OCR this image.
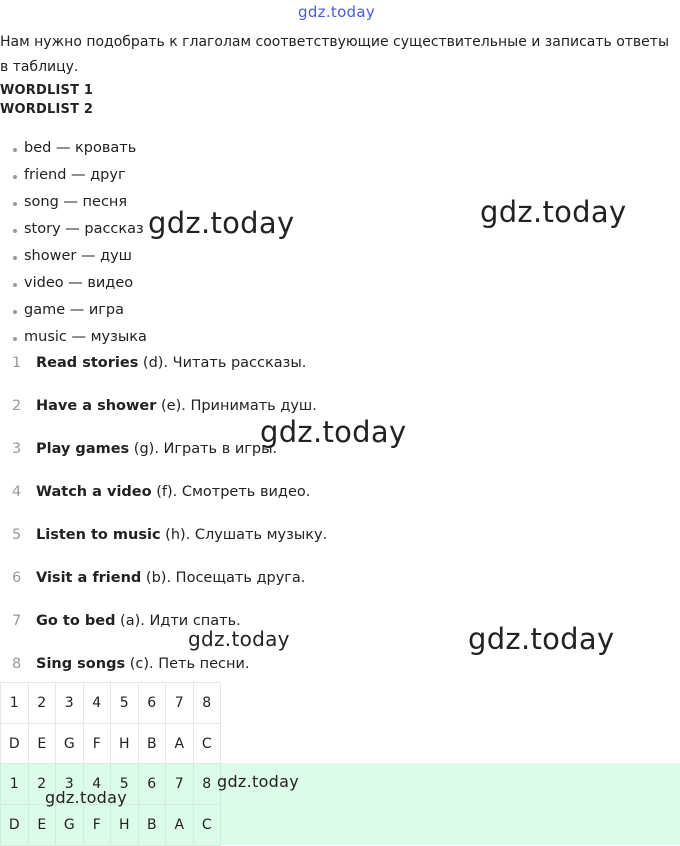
gdz.today
gdz.today	gdz.today
gdz.today
gdz.today	gdz.today
Нам нужно подобрать к глаголам соответствующие существительные и записать ответы в таблицу.
WORDLIST 1
WORDLIST 2
bed — кровать
friend — друг
song — песня
story — рассказ
shower — душ
video — видео
game — игра
music — музыка
1 Read stories (d). Читать рассказы.
2 Have a shower (e). Принимать душ.
3 Play games (g). Играть в игры.
4 Watch a video (f). Смотреть видео.
5 Listen to music (h). Слушать музыку.
6 Visit a friend (b). Посещать друга.
7 Go to bed (a). Идти спать.
8 Sing songs (c). Петь песни.
1	2	3	4	5	6	7	8
D	E	G	F	H	B	A	C
1	2	3	4	5	6	7	8
D	E	G	F	H	B	A	C
gdz.today
gdz.today
